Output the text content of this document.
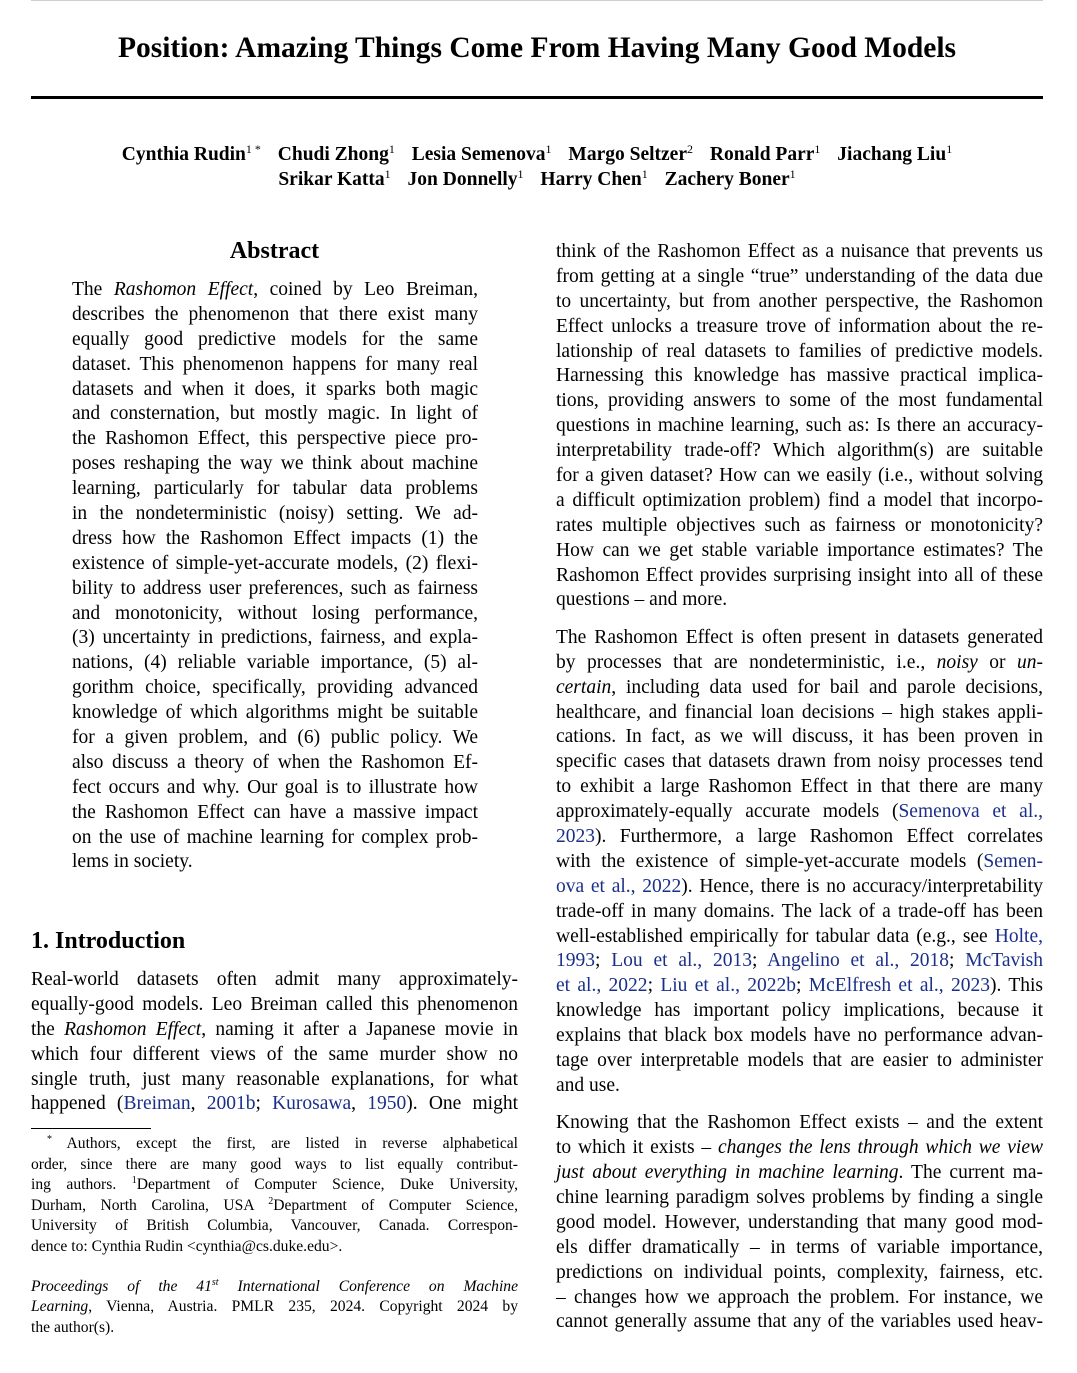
Position: Amazing Things Come From Having Many Good Models
Cynthia Rudin$^{1 *}$ Chudi Zhong$^1$ Lesia Semenova$^1$ Margo Seltzer$^2$ Ronald Parr$^1$ Jiachang Liu$^1$
Srikar Katta$^1$ Jon Donnelly$^1$ Harry Chen$^1$ Zachery Boner$^1$
Abstract
The Rashomon Effect, coined by Leo Breiman,
describes the phenomenon that there exist many
equally good predictive models for the same
dataset. This phenomenon happens for many real
datasets and when it does, it sparks both magic
and consternation, but mostly magic. In light of
the Rashomon Effect, this perspective piece pro-
poses reshaping the way we think about machine
learning, particularly for tabular data problems
in the nondeterministic (noisy) setting. We ad-
dress how the Rashomon Effect impacts (1) the
existence of simple-yet-accurate models, (2) flexi-
bility to address user preferences, such as fairness
and monotonicity, without losing performance,
(3) uncertainty in predictions, fairness, and expla-
nations, (4) reliable variable importance, (5) al-
gorithm choice, specifically, providing advanced
knowledge of which algorithms might be suitable
for a given problem, and (6) public policy. We
also discuss a theory of when the Rashomon Ef-
fect occurs and why. Our goal is to illustrate how
the Rashomon Effect can have a massive impact
on the use of machine learning for complex prob-
lems in society.
1. Introduction
Real-world datasets often admit many approximately-
equally-good models. Leo Breiman called this phenomenon
the Rashomon Effect, naming it after a Japanese movie in
which four different views of the same murder show no
single truth, just many reasonable explanations, for what
happened (Breiman, 2001b; Kurosawa, 1950). One might
* Authors, except the first, are listed in reverse alphabetical
order, since there are many good ways to list equally contribut-
ing authors. $^1$Department of Computer Science, Duke University,
Durham, North Carolina, USA $^2$Department of Computer Science,
University of British Columbia, Vancouver, Canada. Correspon-
dence to: Cynthia Rudin <cynthia@cs.duke.edu>.
Proceedings of the 41st International Conference on Machine
Learning, Vienna, Austria. PMLR 235, 2024. Copyright 2024 by
the author(s).
think of the Rashomon Effect as a nuisance that prevents us
from getting at a single “true” understanding of the data due
to uncertainty, but from another perspective, the Rashomon
Effect unlocks a treasure trove of information about the re-
lationship of real datasets to families of predictive models.
Harnessing this knowledge has massive practical implica-
tions, providing answers to some of the most fundamental
questions in machine learning, such as: Is there an accuracy-
interpretability trade-off? Which algorithm(s) are suitable
for a given dataset? How can we easily (i.e., without solving
a difficult optimization problem) find a model that incorpo-
rates multiple objectives such as fairness or monotonicity?
How can we get stable variable importance estimates? The
Rashomon Effect provides surprising insight into all of these
questions – and more.
The Rashomon Effect is often present in datasets generated
by processes that are nondeterministic, i.e., noisy or un-
certain, including data used for bail and parole decisions,
healthcare, and financial loan decisions – high stakes appli-
cations. In fact, as we will discuss, it has been proven in
specific cases that datasets drawn from noisy processes tend
to exhibit a large Rashomon Effect in that there are many
approximately-equally accurate models (Semenova et al.,
2023). Furthermore, a large Rashomon Effect correlates
with the existence of simple-yet-accurate models (Semen-
ova et al., 2022). Hence, there is no accuracy/interpretability
trade-off in many domains. The lack of a trade-off has been
well-established empirically for tabular data (e.g., see Holte,
1993; Lou et al., 2013; Angelino et al., 2018; McTavish
et al., 2022; Liu et al., 2022b; McElfresh et al., 2023). This
knowledge has important policy implications, because it
explains that black box models have no performance advan-
tage over interpretable models that are easier to administer
and use.
Knowing that the Rashomon Effect exists – and the extent
to which it exists – changes the lens through which we view
just about everything in machine learning. The current ma-
chine learning paradigm solves problems by finding a single
good model. However, understanding that many good mod-
els differ dramatically – in terms of variable importance,
predictions on individual points, complexity, fairness, etc.
– changes how we approach the problem. For instance, we
cannot generally assume that any of the variables used heav-
